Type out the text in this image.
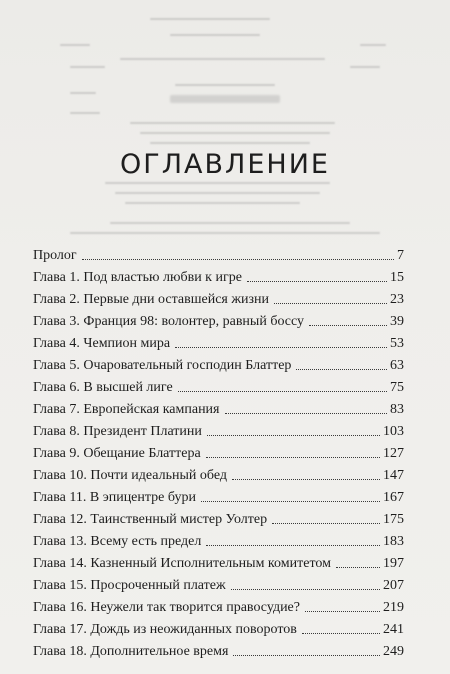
ОГЛАВЛЕНИЕ
Пролог	7
Глава 1. Под властью любви к игре	15
Глава 2. Первые дни оставшейся жизни	23
Глава 3. Франция 98: волонтер, равный боссу	39
Глава 4. Чемпион мира	53
Глава 5. Очаровательный господин Блаттер	63
Глава 6. В высшей лиге	75
Глава 7. Европейская кампания	83
Глава 8. Президент Платини	103
Глава 9. Обещание Блаттера	127
Глава 10. Почти идеальный обед	147
Глава 11. В эпицентре бури	167
Глава 12. Таинственный мистер Уолтер	175
Глава 13. Всему есть предел	183
Глава 14. Казненный Исполнительным комитетом	197
Глава 15. Просроченный платеж	207
Глава 16. Неужели так творится правосудие?	219
Глава 17. Дождь из неожиданных поворотов	241
Глава 18. Дополнительное время	249
